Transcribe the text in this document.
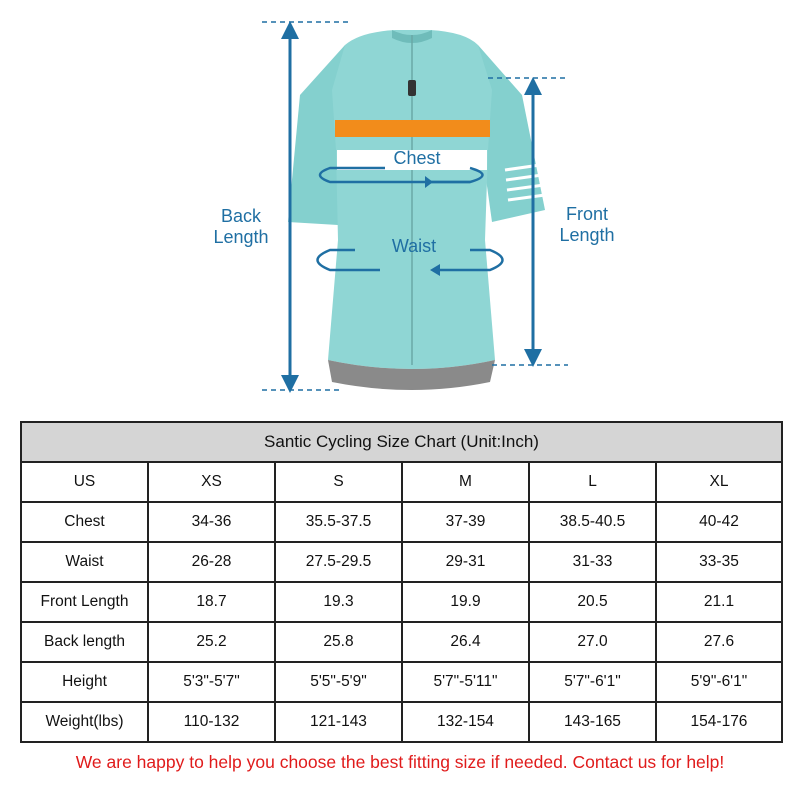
Back Length
Front Length
Chest
Waist
Santic Cycling Size Chart (Unit:Inch)					
US	XS	S	M	L	XL
Chest	34-36	35.5-37.5	37-39	38.5-40.5	40-42
Waist	26-28	27.5-29.5	29-31	31-33	33-35
Front Length	18.7	19.3	19.9	20.5	21.1
Back length	25.2	25.8	26.4	27.0	27.6
Height	5'3"-5'7"	5'5"-5'9"	5'7"-5'11"	5'7"-6'1"	5'9"-6'1"
Weight(lbs)	110-132	121-143	132-154	143-165	154-176
We are happy to help you choose the best fitting size if needed. Contact us for help!
